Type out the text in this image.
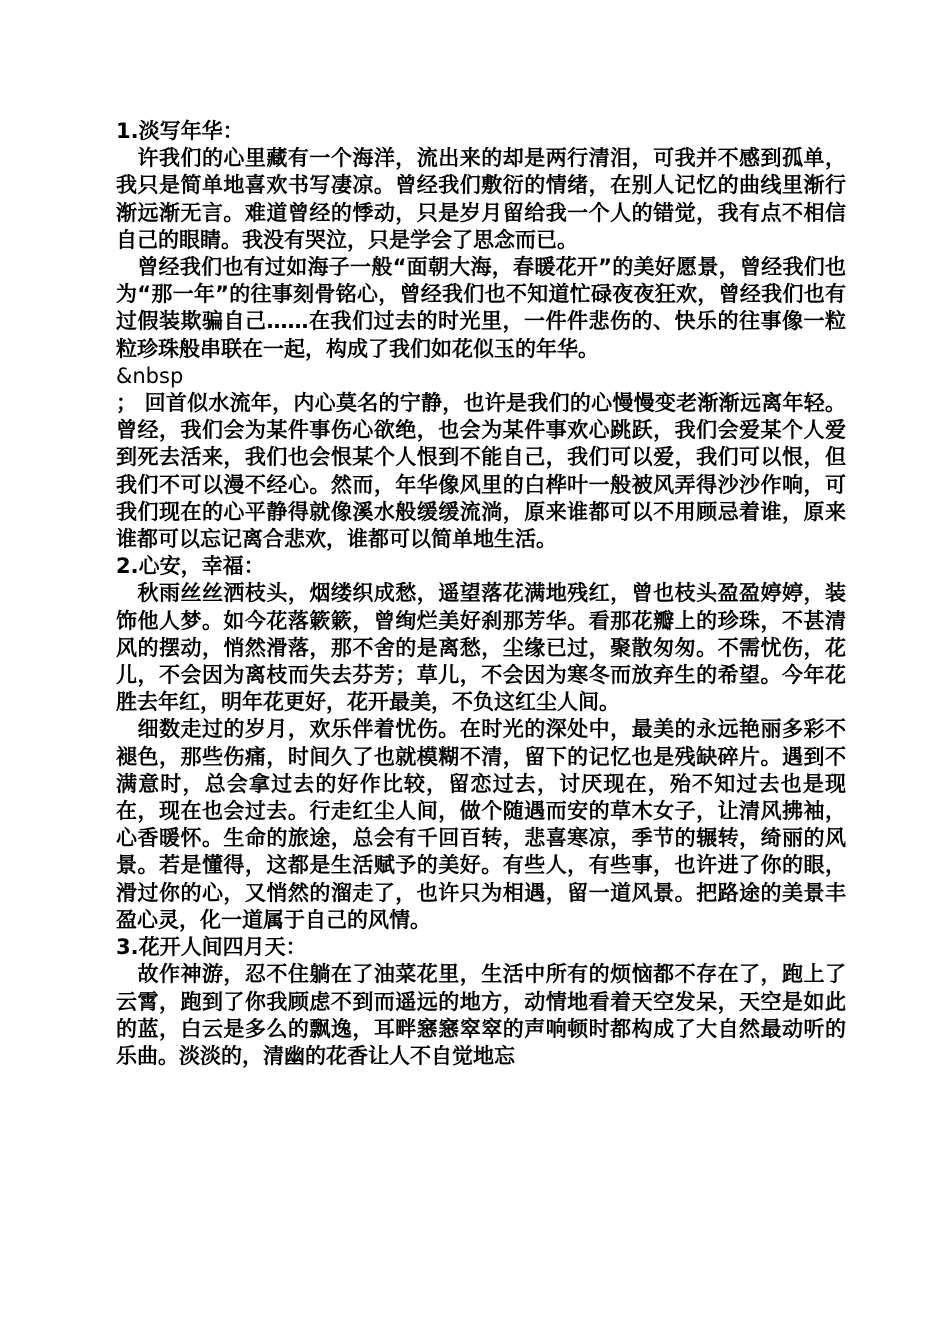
1.淡写年华：
　许我们的心里藏有一个海洋，流出来的却是两行清泪，可我并不感到孤单，我只是简单地喜欢书写凄凉。曾经我们敷衍的情绪，在别人记忆的曲线里渐行渐远渐无言。难道曾经的悸动，只是岁月留给我一个人的错觉，我有点不相信自己的眼睛。我没有哭泣，只是学会了思念而已。
　曾经我们也有过如海子一般“面朝大海，春暖花开”的美好愿景，曾经我们也为“那一年”的往事刻骨铭心，曾经我们也不知道忙碌夜夜狂欢，曾经我们也有过假装欺骗自己……在我们过去的时光里，一件件悲伤的、快乐的往事像一粒粒珍珠般串联在一起，构成了我们如花似玉的年华。
&nbsp
； 回首似水流年，内心莫名的宁静，也许是我们的心慢慢变老渐渐远离年轻。曾经，我们会为某件事伤心欲绝，也会为某件事欢心跳跃，我们会爱某个人爱到死去活来，我们也会恨某个人恨到不能自己，我们可以爱，我们可以恨，但我们不可以漫不经心。然而，年华像风里的白桦叶一般被风弄得沙沙作响，可我们现在的心平静得就像溪水般缓缓流淌，原来谁都可以不用顾忌着谁，原来谁都可以忘记离合悲欢，谁都可以简单地生活。
2.心安，幸福：
　秋雨丝丝洒枝头，烟缕织成愁，遥望落花满地残红，曾也枝头盈盈婷婷，装饰他人梦。如今花落簌簌，曾绚烂美好刹那芳华。看那花瓣上的珍珠，不甚清风的摆动，悄然滑落，那不舍的是离愁，尘缘已过，聚散匆匆。不需忧伤，花儿，不会因为离枝而失去芬芳；草儿，不会因为寒冬而放弃生的希望。今年花胜去年红，明年花更好，花开最美，不负这红尘人间。
　细数走过的岁月，欢乐伴着忧伤。在时光的深处中，最美的永远艳丽多彩不褪色，那些伤痛，时间久了也就模糊不清，留下的记忆也是残缺碎片。遇到不满意时，总会拿过去的好作比较，留恋过去，讨厌现在，殆不知过去也是现在，现在也会过去。行走红尘人间，做个随遇而安的草木女子，让清风拂袖，心香暖怀。生命的旅途，总会有千回百转，悲喜寒凉，季节的辗转，绮丽的风景。若是懂得，这都是生活赋予的美好。有些人，有些事，也许进了你的眼，滑过你的心，又悄然的溜走了，也许只为相遇，留一道风景。把路途的美景丰盈心灵，化一道属于自己的风情。
3.花开人间四月天：
　故作神游，忍不住躺在了油菜花里，生活中所有的烦恼都不存在了，跑上了云霄，跑到了你我顾虑不到而遥远的地方，动情地看着天空发呆，天空是如此的蓝，白云是多么的飘逸，耳畔窸窸窣窣的声响顿时都构成了大自然最动听的乐曲。淡淡的，清幽的花香让人不自觉地忘
